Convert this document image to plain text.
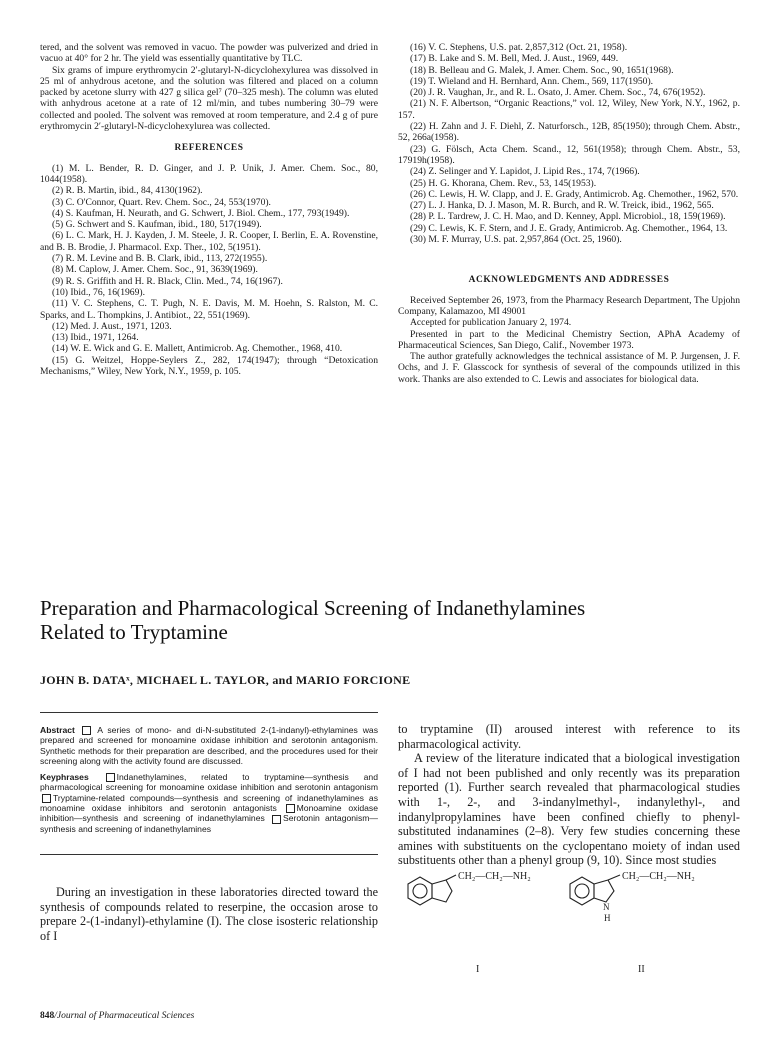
tered, and the solvent was removed in vacuo. The powder was pulverized and dried in vacuo at 40° for 2 hr. The yield was essentially quantitative by TLC.

Six grams of impure erythromycin 2′-glutaryl-N-dicyclohexylurea was dissolved in 25 ml of anhydrous acetone, and the solution was filtered and placed on a column packed by acetone slurry with 427 g silica gel⁷ (70–325 mesh). The column was eluted with anhydrous acetone at a rate of 12 ml/min, and tubes numbering 30–79 were collected and pooled. The solvent was removed at room temperature, and 2.4 g of pure erythromycin 2′-glutaryl-N-dicyclohexylurea was collected.

REFERENCES

(1) M. L. Bender, R. D. Ginger, and J. P. Unik, J. Amer. Chem. Soc., 80, 1044(1958).

(2) R. B. Martin, ibid., 84, 4130(1962).

(3) C. O'Connor, Quart. Rev. Chem. Soc., 24, 553(1970).

(4) S. Kaufman, H. Neurath, and G. Schwert, J. Biol. Chem., 177, 793(1949).

(5) G. Schwert and S. Kaufman, ibid., 180, 517(1949).

(6) L. C. Mark, H. J. Kayden, J. M. Steele, J. R. Cooper, I. Berlin, E. A. Rovenstine, and B. B. Brodie, J. Pharmacol. Exp. Ther., 102, 5(1951).

(7) R. M. Levine and B. B. Clark, ibid., 113, 272(1955).

(8) M. Caplow, J. Amer. Chem. Soc., 91, 3639(1969).

(9) R. S. Griffith and H. R. Black, Clin. Med., 74, 16(1967).

(10) Ibid., 76, 16(1969).

(11) V. C. Stephens, C. T. Pugh, N. E. Davis, M. M. Hoehn, S. Ralston, M. C. Sparks, and L. Thompkins, J. Antibiot., 22, 551(1969).

(12) Med. J. Aust., 1971, 1203.

(13) Ibid., 1971, 1264.

(14) W. E. Wick and G. E. Mallett, Antimicrob. Ag. Chemother., 1968, 410.

(15) G. Weitzel, Hoppe-Seylers Z., 282, 174(1947); through “Detoxication Mechanisms,” Wiley, New York, N.Y., 1959, p. 105.

(16) V. C. Stephens, U.S. pat. 2,857,312 (Oct. 21, 1958).

(17) B. Lake and S. M. Bell, Med. J. Aust., 1969, 449.

(18) B. Belleau and G. Malek, J. Amer. Chem. Soc., 90, 1651(1968).

(19) T. Wieland and H. Bernhard, Ann. Chem., 569, 117(1950).

(20) J. R. Vaughan, Jr., and R. L. Osato, J. Amer. Chem. Soc., 74, 676(1952).

(21) N. F. Albertson, “Organic Reactions,” vol. 12, Wiley, New York, N.Y., 1962, p. 157.

(22) H. Zahn and J. F. Diehl, Z. Naturforsch., 12B, 85(1950); through Chem. Abstr., 52, 266a(1958).

(23) G. Fölsch, Acta Chem. Scand., 12, 561(1958); through Chem. Abstr., 53, 17919h(1958).

(24) Z. Selinger and Y. Lapidot, J. Lipid Res., 174, 7(1966).

(25) H. G. Khorana, Chem. Rev., 53, 145(1953).

(26) C. Lewis, H. W. Clapp, and J. E. Grady, Antimicrob. Ag. Chemother., 1962, 570.

(27) L. J. Hanka, D. J. Mason, M. R. Burch, and R. W. Treick, ibid., 1962, 565.

(28) P. L. Tardrew, J. C. H. Mao, and D. Kenney, Appl. Microbiol., 18, 159(1969).

(29) C. Lewis, K. F. Stern, and J. E. Grady, Antimicrob. Ag. Chemother., 1964, 13.

(30) M. F. Murray, U.S. pat. 2,957,864 (Oct. 25, 1960).

ACKNOWLEDGMENTS AND ADDRESSES

Received September 26, 1973, from the Pharmacy Research Department, The Upjohn Company, Kalamazoo, MI 49001

Accepted for publication January 2, 1974.

Presented in part to the Medicinal Chemistry Section, APhA Academy of Pharmaceutical Sciences, San Diego, Calif., November 1973.

The author gratefully acknowledges the technical assistance of M. P. Jurgensen, J. F. Ochs, and J. F. Glasscock for synthesis of several of the compounds utilized in this work. Thanks are also extended to C. Lewis and associates for biological data.

Preparation and Pharmacological Screening of Indanethylamines
Related to Tryptamine
JOHN B. DATAˣ, MICHAEL L. TAYLOR, and MARIO FORCIONE

Abstract	A series of mono- and di-N-substituted 2-(1-indanyl)-ethylamines was prepared and screened for monoamine oxidase inhibition and serotonin antagonism. Synthetic methods for their preparation are described, and the procedures used for their screening along with the activity found are discussed.

Keyphrases	Indanethylamines, related to tryptamine—synthesis and pharmacological screening for monoamine oxidase inhibition and serotonin antagonism Tryptamine-related compounds—synthesis and screening of indanethylamines as monoamine oxidase inhibitors and serotonin antagonists Monoamine oxidase inhibition—synthesis and screening of indanethylamines Serotonin antagonism—synthesis and screening of indanethylamines

During an investigation in these laboratories directed toward the synthesis of compounds related to reserpine, the occasion arose to prepare 2-(1-indanyl)-ethylamine (I). The close isosteric relationship of I

to tryptamine (II) aroused interest with reference to its pharmacological activity.

A review of the literature indicated that a biological investigation of I had not been published and only recently was its preparation reported (1). Further search revealed that pharmacological studies with 1-, 2-, and 3-indanylmethyl-, indanylethyl-, and indanylpropylamines have been confined chiefly to phenyl-substituted indanamines (2–8). Very few studies concerning these amines with substituents on the cyclopentano moiety of indan used substituents other than a phenyl group (9, 10). Since most studies

CH₂—CH₂—NH₂
I
CH₂—CH₂—NH₂
N
H
II
848/Journal of Pharmaceutical Sciences
